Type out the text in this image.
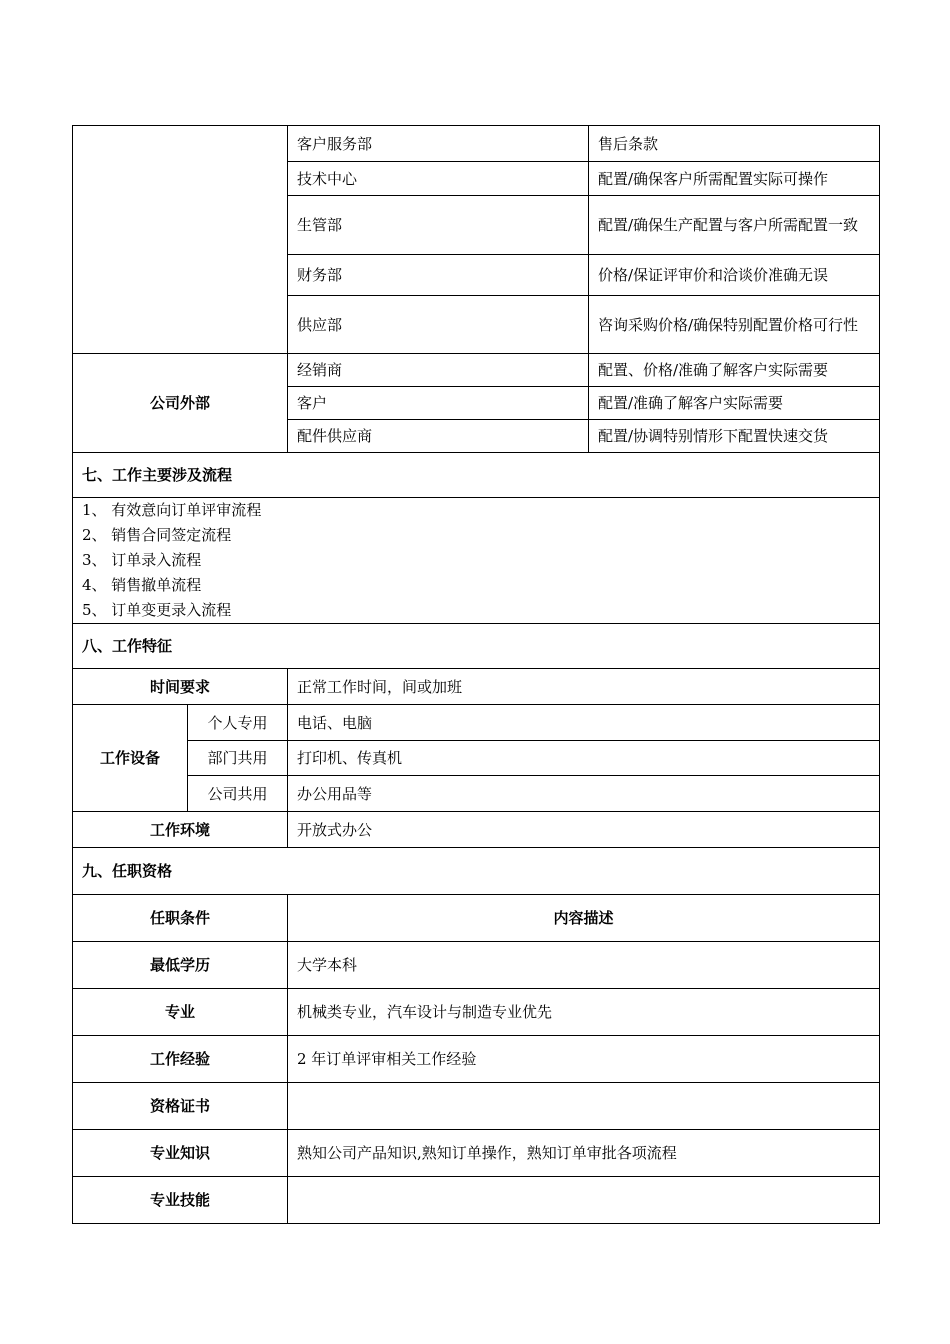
		客户服务部	售后条款
		技术中心	配置/确保客户所需配置实际可操作
		生管部	配置/确保生产配置与客户所需配置一致
		财务部	价格/保证评审价和洽谈价准确无误
		供应部	咨询采购价格/确保特别配置价格可行性
公司外部		经销商	配置、价格/准确了解客户实际需要
		客户	配置/准确了解客户实际需要
		配件供应商	配置/协调特别情形下配置快速交货
七、工作主要涉及流程			

1、 有效意向订单评审流程
2、 销售合同签定流程
3、 订单录入流程
4、 销售撤单流程
5、 订单变更录入流程			

八、工作特征			
时间要求		正常工作时间，间或加班	
工作设备	个人专用	电话、电脑	
	部门共用	打印机、传真机	
	公司共用	办公用品等	
工作环境		开放式办公	
九、任职资格			
任职条件		内容描述	
最低学历		大学本科	
专业		机械类专业，汽车设计与制造专业优先	
工作经验		2 年订单评审相关工作经验	
资格证书			
专业知识		熟知公司产品知识,熟知订单操作，熟知订单审批各项流程	
专业技能			
